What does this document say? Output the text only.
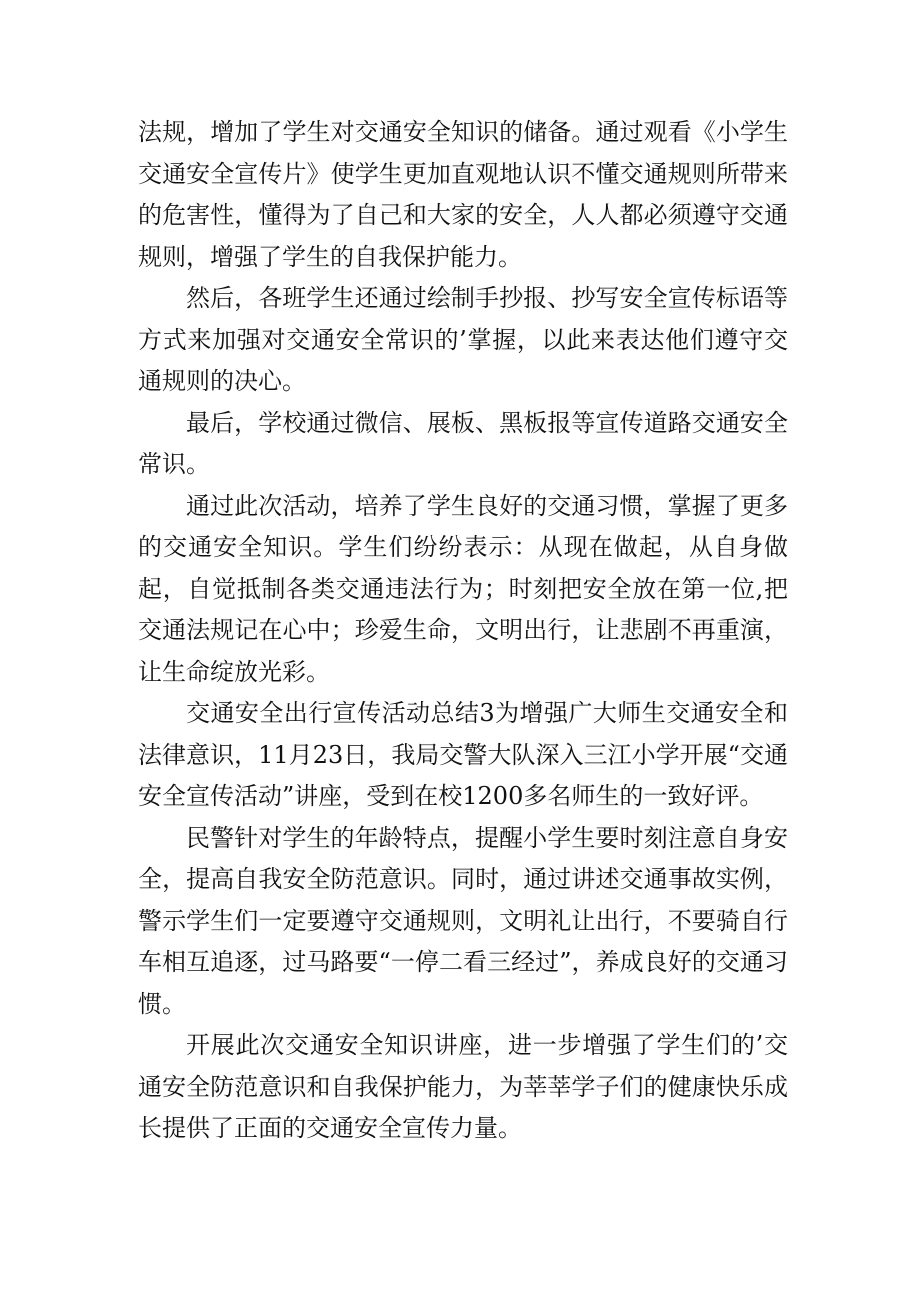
法规，增加了学生对交通安全知识的储备。通过观看《小学生交通安全宣传片》使学生更加直观地认识不懂交通规则所带来的危害性，懂得为了自己和大家的安全，人人都必须遵守交通规则，增强了学生的自我保护能力。

然后，各班学生还通过绘制手抄报、抄写安全宣传标语等方式来加强对交通安全常识的’掌握，以此来表达他们遵守交通规则的决心。

最后，学校通过微信、展板、黑板报等宣传道路交通安全常识。

通过此次活动，培养了学生良好的交通习惯，掌握了更多的交通安全知识。学生们纷纷表示：从现在做起，从自身做起，自觉抵制各类交通违法行为；时刻把安全放在第一位,把交通法规记在心中；珍爱生命，文明出行，让悲剧不再重演，让生命绽放光彩。

交通安全出行宣传活动总结3为增强广大师生交通安全和法律意识，11月23日，我局交警大队深入三江小学开展“交通安全宣传活动”讲座，受到在校1200多名师生的一致好评。

民警针对学生的年龄特点，提醒小学生要时刻注意自身安全，提高自我安全防范意识。同时，通过讲述交通事故实例，警示学生们一定要遵守交通规则，文明礼让出行，不要骑自行车相互追逐，过马路要“一停二看三经过”，养成良好的交通习惯。

开展此次交通安全知识讲座，进一步增强了学生们的’交通安全防范意识和自我保护能力，为莘莘学子们的健康快乐成长提供了正面的交通安全宣传力量。
